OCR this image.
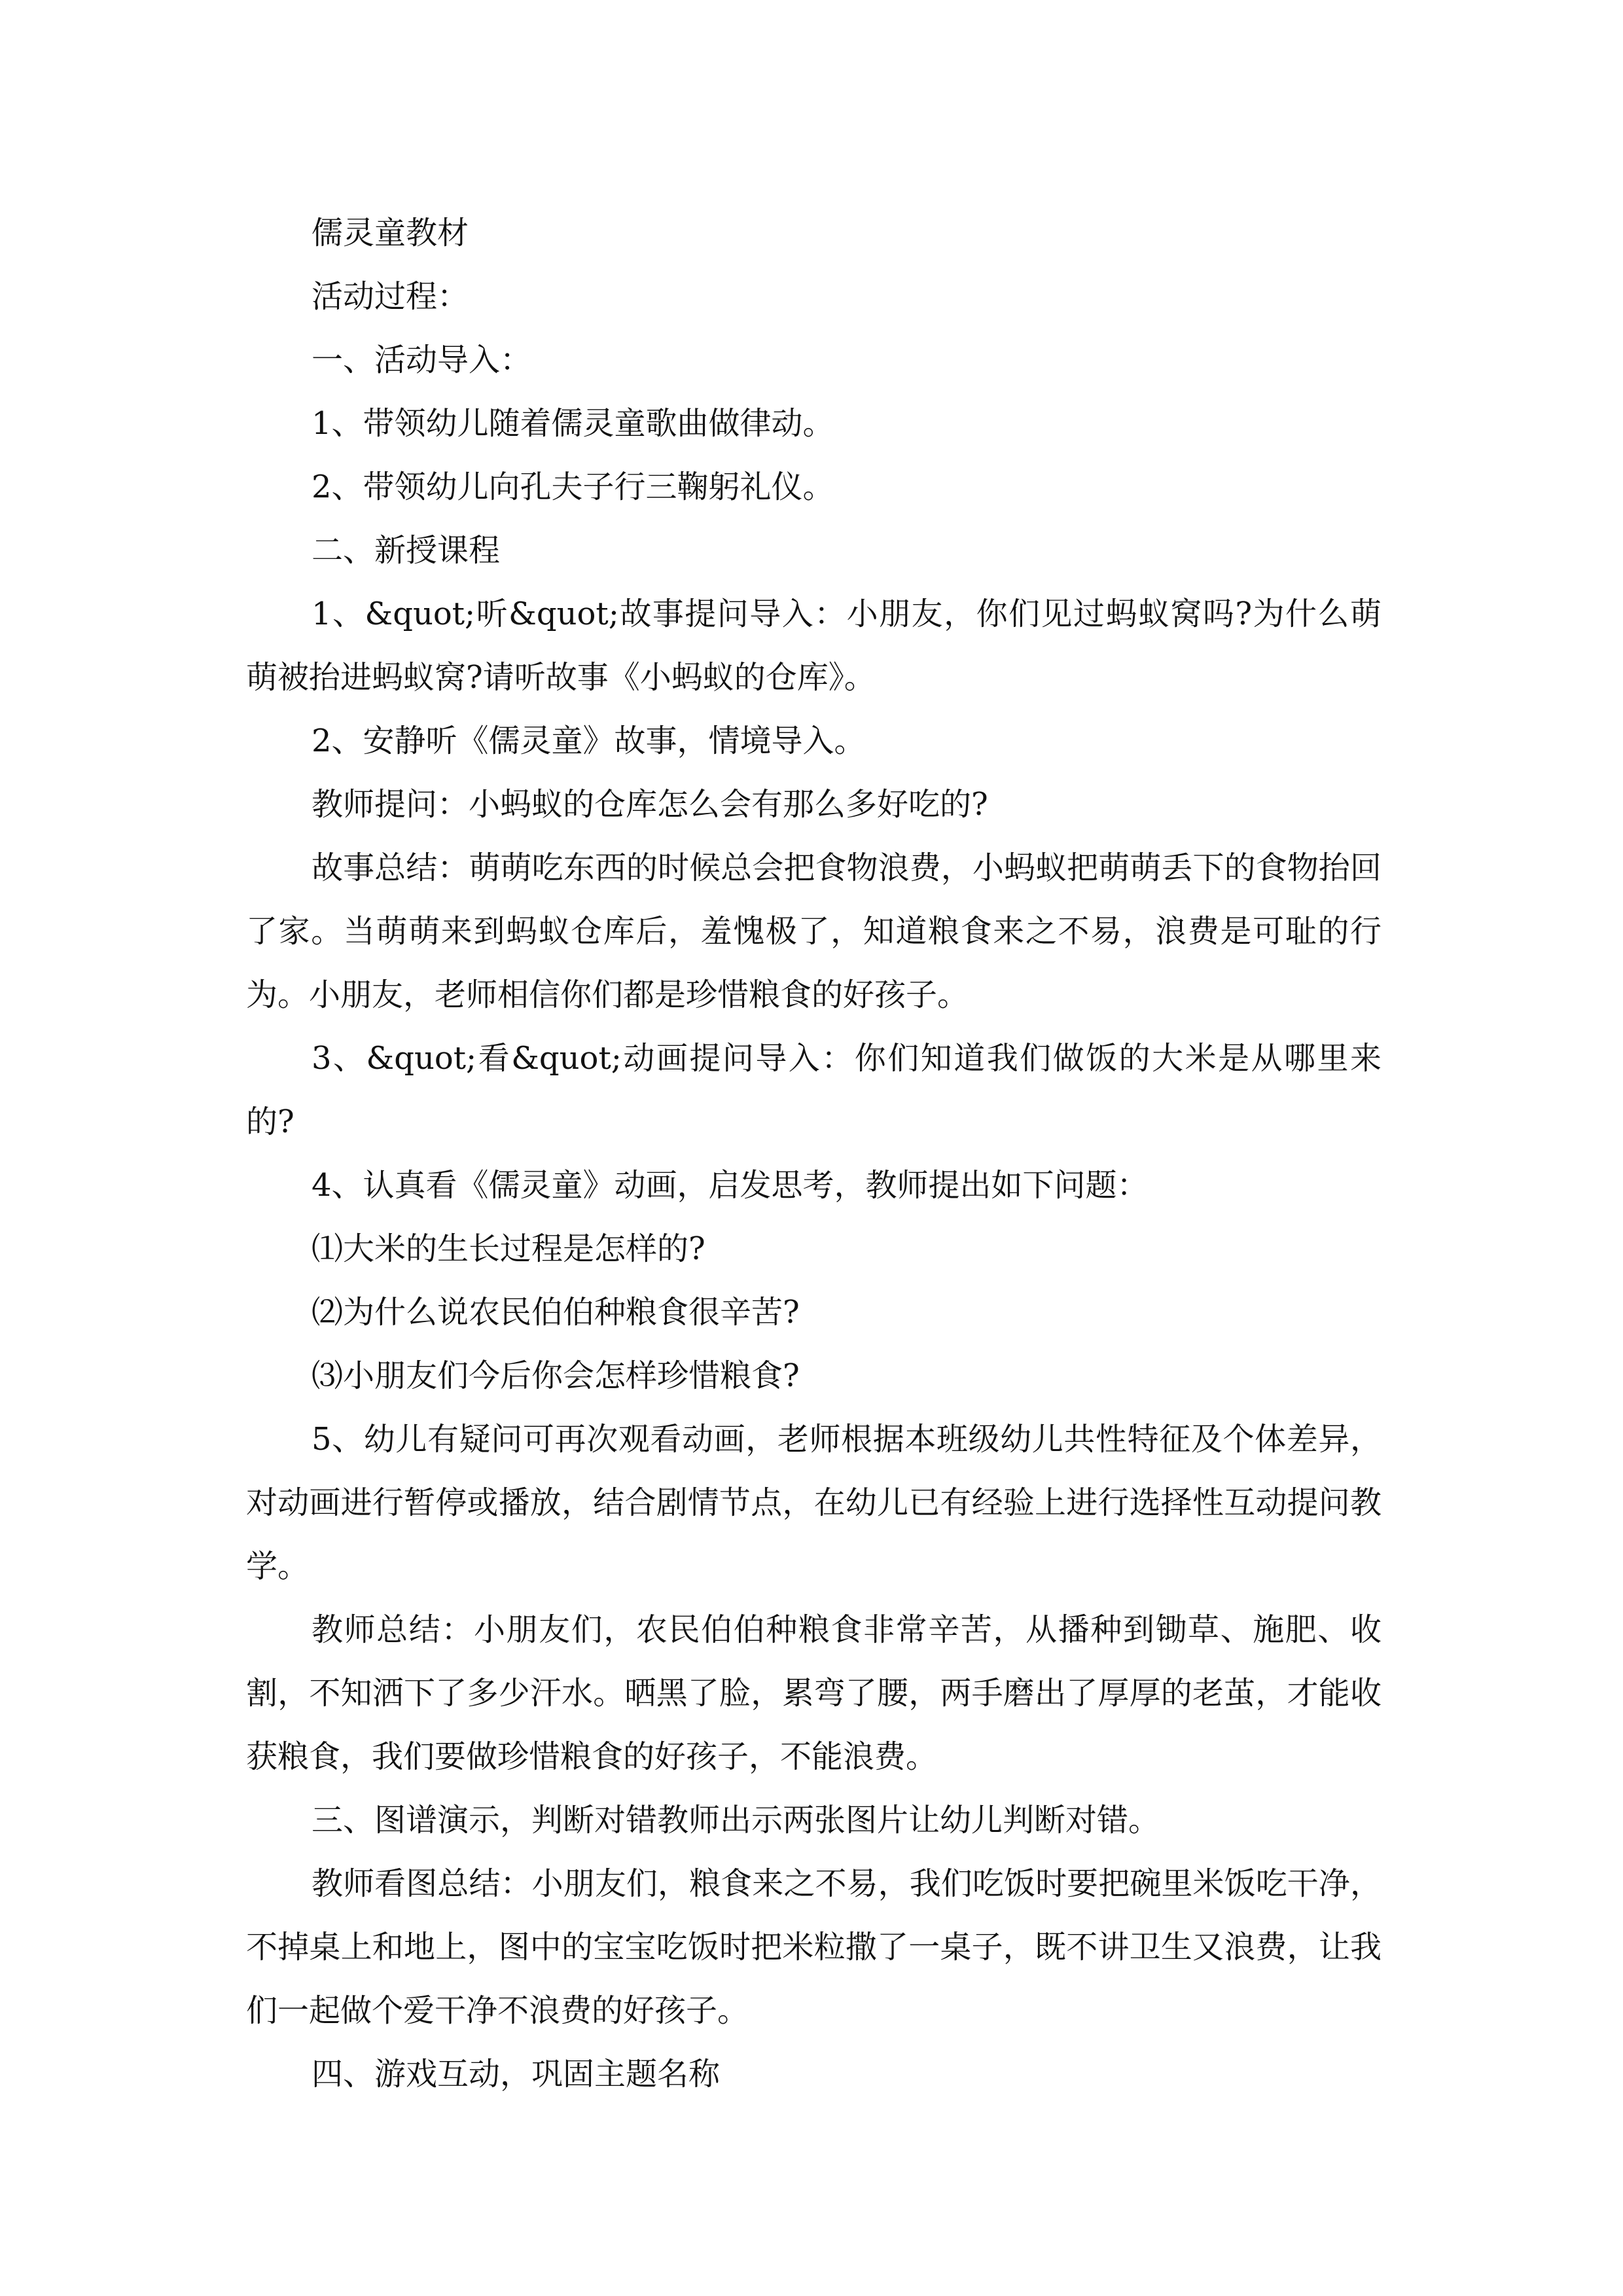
儒灵童教材

活动过程：

一、活动导入：

1、带领幼儿随着儒灵童歌曲做律动。

2、带领幼儿向孔夫子行三鞠躬礼仪。

二、新授课程

1、&quot;听&quot;故事提问导入：小朋友，你们见过蚂蚁窝吗?为什么萌萌被抬进蚂蚁窝?请听故事《小蚂蚁的仓库》。

2、安静听《儒灵童》故事，情境导入。

教师提问：小蚂蚁的仓库怎么会有那么多好吃的?

故事总结：萌萌吃东西的时候总会把食物浪费，小蚂蚁把萌萌丢下的食物抬回了家。当萌萌来到蚂蚁仓库后，羞愧极了，知道粮食来之不易，浪费是可耻的行为。小朋友，老师相信你们都是珍惜粮食的好孩子。

3、&quot;看&quot;动画提问导入：你们知道我们做饭的大米是从哪里来的?

4、认真看《儒灵童》动画，启发思考，教师提出如下问题：

⑴大米的生长过程是怎样的?

⑵为什么说农民伯伯种粮食很辛苦?

⑶小朋友们今后你会怎样珍惜粮食?

5、幼儿有疑问可再次观看动画，老师根据本班级幼儿共性特征及个体差异，对动画进行暂停或播放，结合剧情节点，在幼儿已有经验上进行选择性互动提问教学。

教师总结：小朋友们，农民伯伯种粮食非常辛苦，从播种到锄草、施肥、收割，不知洒下了多少汗水。晒黑了脸，累弯了腰，两手磨出了厚厚的老茧，才能收获粮食，我们要做珍惜粮食的好孩子，不能浪费。

三、图谱演示，判断对错教师出示两张图片让幼儿判断对错。

教师看图总结：小朋友们，粮食来之不易，我们吃饭时要把碗里米饭吃干净，不掉桌上和地上，图中的宝宝吃饭时把米粒撒了一桌子，既不讲卫生又浪费，让我们一起做个爱干净不浪费的好孩子。

四、游戏互动，巩固主题名称
